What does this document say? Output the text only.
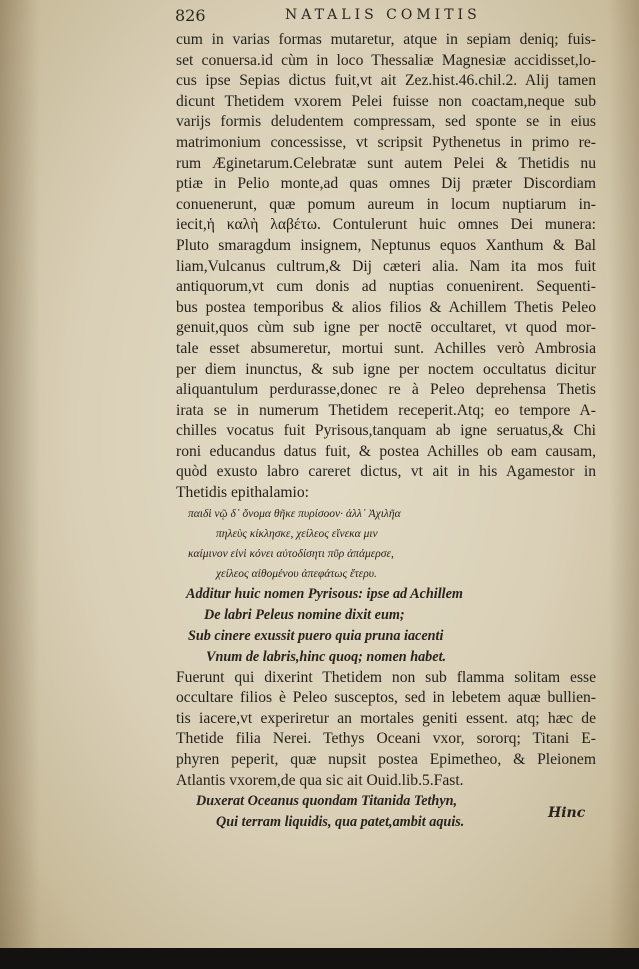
826	NATALIS COMITIS
cum in varias formas mutaretur, atque in sepiam deniq; fuis-
set conuersa.id cùm in loco Thessaliæ Magnesiæ accidisset,lo-
cus ipse Sepias dictus fuit,vt ait Zez.hist.46.chil.2. Alij tamen
dicunt Thetidem vxorem Pelei fuisse non coactam,neque sub
varijs formis deludentem compressam, sed sponte se in eius
matrimonium concessisse, vt scripsit Pythenetus in primo re-
rum Æginetarum.Celebratæ sunt autem Pelei & Thetidis nu
ptiæ in Pelio monte,ad quas omnes Dij præter Discordiam
conuenerunt, quæ pomum aureum in locum nuptiarum in-
iecit,ἡ καλὴ λαβέτω. Contulerunt huic omnes Dei munera:
Pluto smaragdum insignem, Neptunus equos Xanthum & Bal
liam,Vulcanus cultrum,& Dij cæteri alia. Nam ita mos fuit
antiquorum,vt cum donis ad nuptias conuenirent. Sequenti-
bus postea temporibus & alios filios & Achillem Thetis Peleo
genuit,quos cùm sub igne per noctē occultaret, vt quod mor-
tale esset absumeretur, mortui sunt. Achilles verò Ambrosia
per diem inunctus, & sub igne per noctem occultatus dicitur
aliquantulum perdurasse,donec re à Peleo deprehensa Thetis
irata se in numerum Thetidem receperit.Atq; eo tempore A-
chilles vocatus fuit Pyrisous,tanquam ab igne seruatus,& Chi
roni educandus datus fuit, & postea Achilles ob eam causam,
quòd exusto labro careret dictus, vt ait in his Agamestor in
Thetidis epithalamio:
παιδὶ νῷ δ᾽ ὄνομα θῆκε πυρίσοον· ἀλλ᾽ Ἀχιλῆα
πηλεὺς κίκλησκε, χείλεος εἵνεκα μιν
καίμινον εἰνὶ κόνει αὐτοδίσητι πῦρ ἀπάμερσε,
χείλεος αἰθομένου ἀπεφάτως ἔτερυ.
Additur huic nomen Pyrisous: ipse ad Achillem
De labri Peleus nomine dixit eum;
Sub cinere exussit puero quia pruna iacenti
Vnum de labris,hinc quoq; nomen habet.
Fuerunt qui dixerint Thetidem non sub flamma solitam esse
occultare filios è Peleo susceptos, sed in lebetem aquæ bullien-
tis iacere,vt experiretur an mortales geniti essent. atq; hæc de
Thetide filia Nerei. Tethys Oceani vxor, sororq; Titani E-
phyren peperit, quæ nupsit postea Epimetheo, & Pleionem
Atlantis vxorem,de qua sic ait Ouid.lib.5.Fast.
Duxerat Oceanus quondam Titanida Tethyn,
Qui terram liquidis, qua patet,ambit aquis.
Hinc
